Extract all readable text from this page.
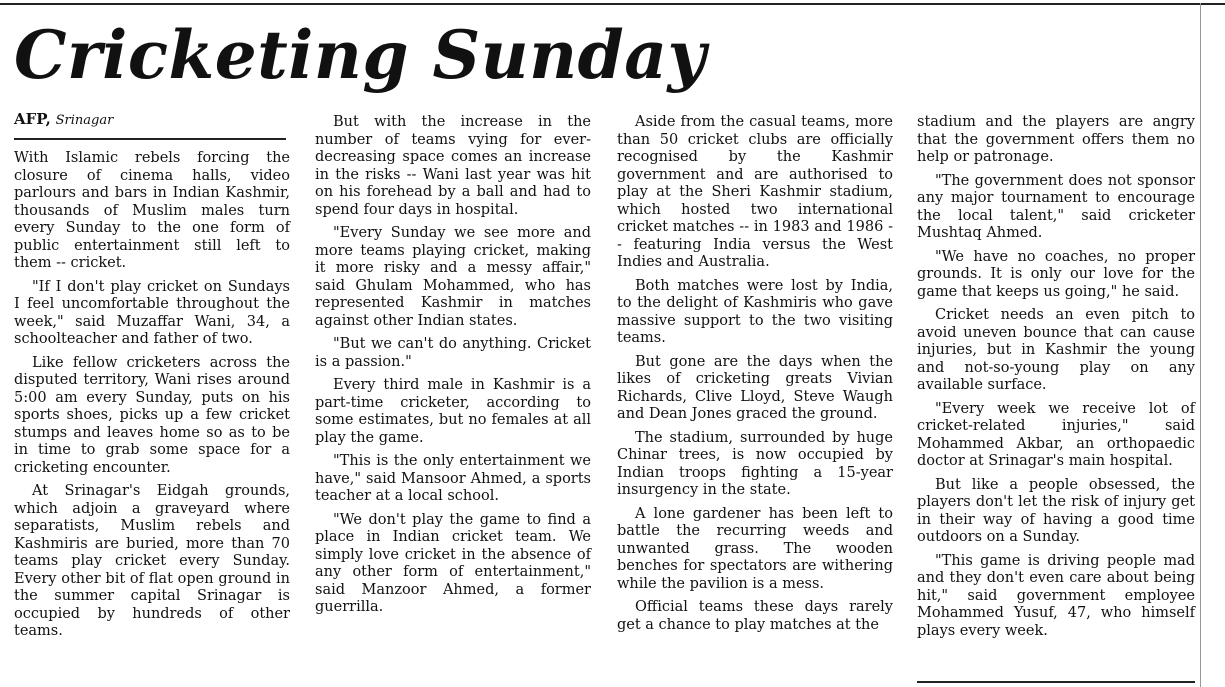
Cricketing Sunday
AFP, Srinagar

With Islamic rebels forcing the closure of cinema halls, video parlours and bars in Indian Kashmir, thousands of Muslim males turn every Sunday to the one form of public entertainment still left to them -- cricket.

"If I don't play cricket on Sundays I feel uncomfortable throughout the week," said Muzaffar Wani, 34, a schoolteacher and father of two.

Like fellow cricketers across the disputed territory, Wani rises around 5:00 am every Sunday, puts on his sports shoes, picks up a few cricket stumps and leaves home so as to be in time to grab some space for a cricketing encounter.

At Srinagar's Eidgah grounds, which adjoin a graveyard where separatists, Muslim rebels and Kashmiris are buried, more than 70 teams play cricket every Sunday. Every other bit of flat open ground in the summer capital Srinagar is occupied by hundreds of other teams.

But with the increase in the number of teams vying for ever-decreasing space comes an increase in the risks -- Wani last year was hit on his forehead by a ball and had to spend four days in hospital.

"Every Sunday we see more and more teams playing cricket, making it more risky and a messy affair," said Ghulam Mohammed, who has represented Kashmir in matches against other Indian states.

"But we can't do anything. Cricket is a passion."

Every third male in Kashmir is a part-time cricketer, according to some estimates, but no females at all play the game.

"This is the only entertainment we have," said Mansoor Ahmed, a sports teacher at a local school.

"We don't play the game to find a place in Indian cricket team. We simply love cricket in the absence of any other form of entertainment," said Manzoor Ahmed, a former guerrilla.

Aside from the casual teams, more than 50 cricket clubs are officially recognised by the Kashmir government and are authorised to play at the Sheri Kashmir stadium, which hosted two international cricket matches -- in 1983 and 1986 -- featuring India versus the West Indies and Australia.

Both matches were lost by India, to the delight of Kashmiris who gave massive support to the two visiting teams.

But gone are the days when the likes of cricketing greats Vivian Richards, Clive Lloyd, Steve Waugh and Dean Jones graced the ground.

The stadium, surrounded by huge Chinar trees, is now occupied by Indian troops fighting a 15-year insurgency in the state.

A lone gardener has been left to battle the recurring weeds and unwanted grass. The wooden benches for spectators are withering while the pavilion is a mess.

Official teams these days rarely get a chance to play matches at the

stadium and the players are angry that the government offers them no help or patronage.

"The government does not sponsor any major tournament to encourage the local talent," said cricketer Mushtaq Ahmed.

"We have no coaches, no proper grounds. It is only our love for the game that keeps us going," he said.

Cricket needs an even pitch to avoid uneven bounce that can cause injuries, but in Kashmir the young and not-so-young play on any available surface.

"Every week we receive lot of cricket-related injuries," said Mohammed Akbar, an orthopaedic doctor at Srinagar's main hospital.

But like a people obsessed, the players don't let the risk of injury get in their way of having a good time outdoors on a Sunday.

"This game is driving people mad and they don't even care about being hit," said government employee Mohammed Yusuf, 47, who himself plays every week.
